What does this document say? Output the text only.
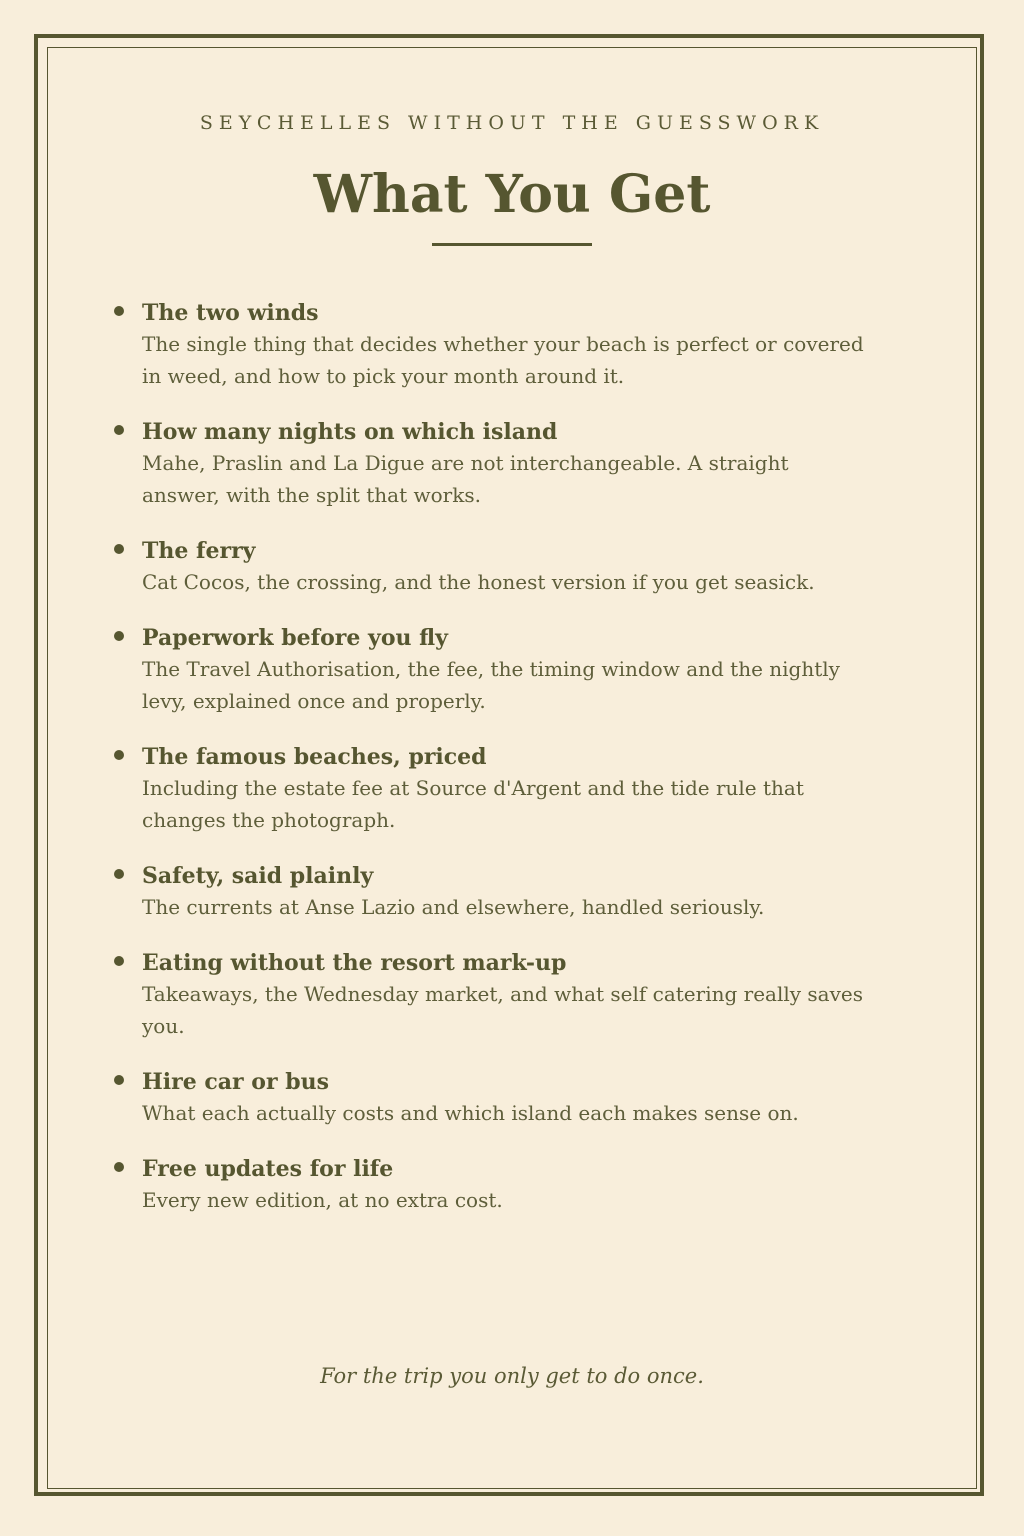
SEYCHELLES WITHOUT THE GUESSWORK
What You Get
The two winds
The single thing that decides whether your beach is perfect or covered in weed, and how to pick your month around it.
How many nights on which island
Mahe, Praslin and La Digue are not interchangeable. A straight answer, with the split that works.
The ferry
Cat Cocos, the crossing, and the honest version if you get seasick.
Paperwork before you fly
The Travel Authorisation, the fee, the timing window and the nightly levy, explained once and properly.
The famous beaches, priced
Including the estate fee at Source d'Argent and the tide rule that changes the photograph.
Safety, said plainly
The currents at Anse Lazio and elsewhere, handled seriously.
Eating without the resort mark-up
Takeaways, the Wednesday market, and what self catering really saves you.
Hire car or bus
What each actually costs and which island each makes sense on.
Free updates for life
Every new edition, at no extra cost.
For the trip you only get to do once.
